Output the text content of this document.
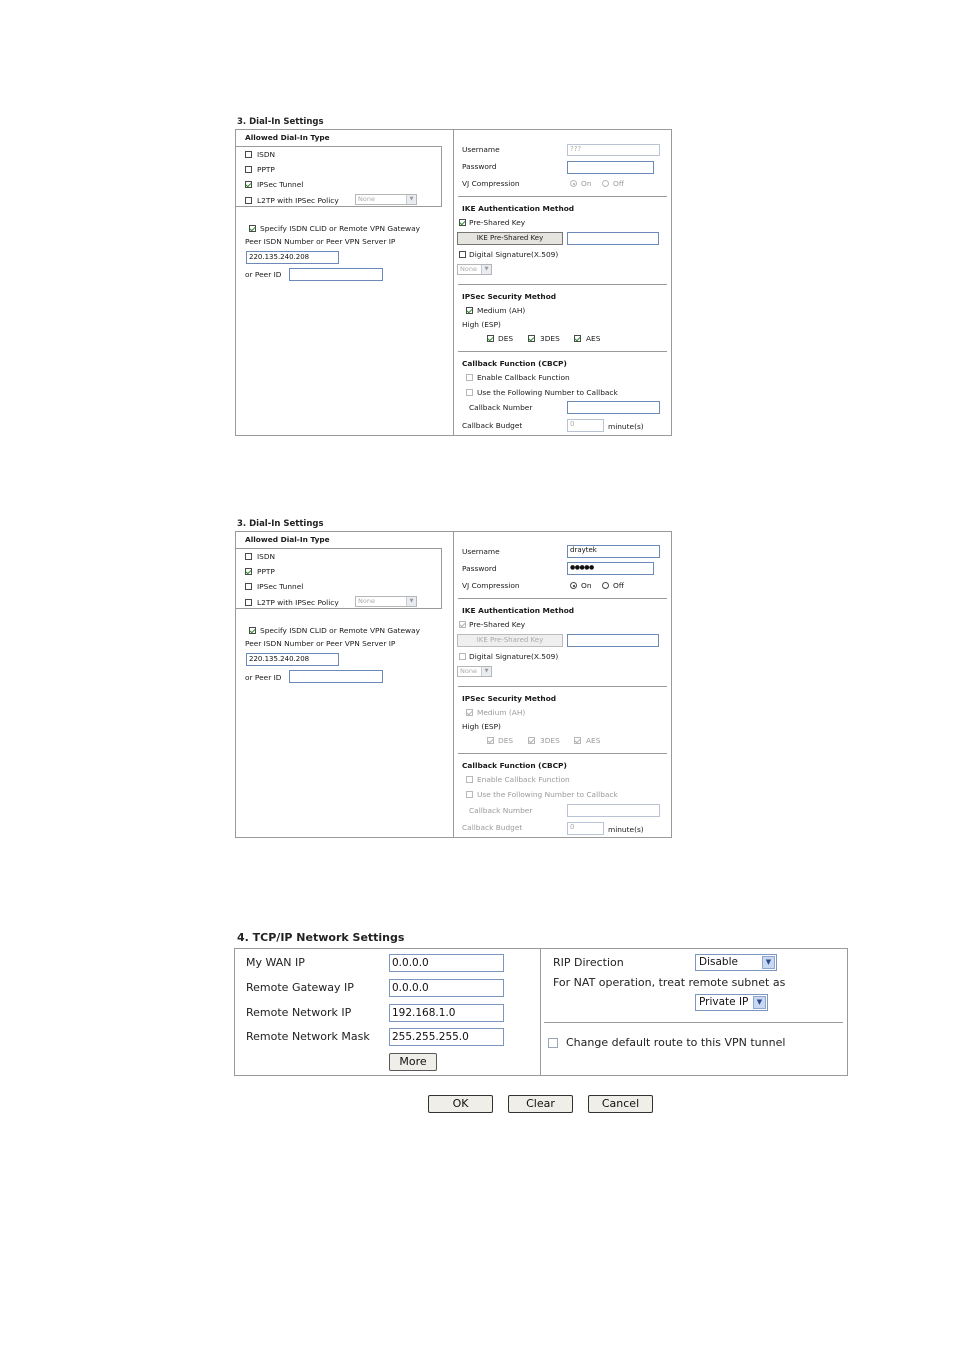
3. Dial-In Settings
Allowed Dial-In Type
ISDN
PPTP
IPSec Tunnel
L2TP with IPSec Policy	None	▼
Specify ISDN CLID or Remote VPN Gateway
Peer ISDN Number or Peer VPN Server IP
220.135.240.208
or Peer ID
Username	???
Password
VJ Compression	On	Off
IKE Authentication Method
Pre-Shared Key
IKE Pre-Shared Key
Digital Signature(X.509)
None	▼
IPSec Security Method
Medium (AH)
High (ESP)
DES	3DES	AES
Callback Function (CBCP)
Enable Callback Function
Use the Following Number to Callback
Callback Number
Callback Budget	0	minute(s)
3. Dial-In Settings
Allowed Dial-In Type
ISDN
PPTP
IPSec Tunnel
L2TP with IPSec Policy	None	▼
Specify ISDN CLID or Remote VPN Gateway
Peer ISDN Number or Peer VPN Server IP
220.135.240.208
or Peer ID
Username	draytek
Password	●●●●●
VJ Compression	On	Off
IKE Authentication Method
Pre-Shared Key
IKE Pre-Shared Key
Digital Signature(X.509)
None	▼
IPSec Security Method
Medium (AH)
High (ESP)
DES	3DES	AES
Callback Function (CBCP)
Enable Callback Function
Use the Following Number to Callback
Callback Number
Callback Budget	0	minute(s)
4. TCP/IP Network Settings
My WAN IP	0.0.0.0
Remote Gateway IP	0.0.0.0
Remote Network IP	192.168.1.0
Remote Network Mask 255.255.255.0
More
RIP Direction	Disable	▼
For NAT operation, treat remote subnet as
Private IP	▼
Change default route to this VPN tunnel
OK	Clear	Cancel
